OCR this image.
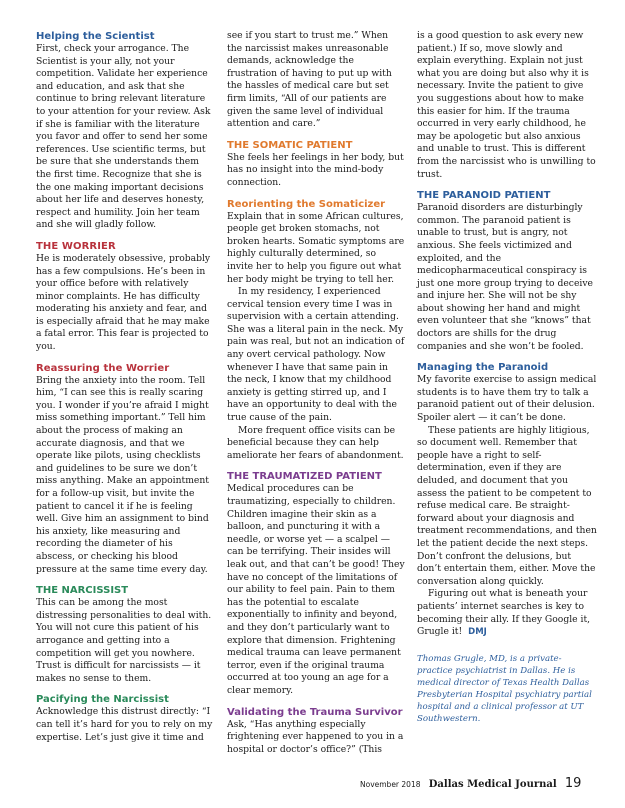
Helping the Scientist

First, check your arrogance. The Scientist is your ally, not your competition. Validate her experience and education, and ask that she continue to bring relevant literature to your attention for your review. Ask if she is familiar with the literature you favor and offer to send her some references. Use scientific terms, but be sure that she understands them the first time. Recognize that she is the one making important decisions about her life and deserves honesty, respect and humility. Join her team and she will gladly follow.

THE WORRIER

He is moderately obsessive, probably has a few compulsions. He’s been in your office before with relatively minor complaints. He has difficulty moderating his anxiety and fear, and is especially afraid that he may make a fatal error. This fear is projected to you.

Reassuring the Worrier

Bring the anxiety into the room. Tell him, “I can see this is really scaring you. I wonder if you’re afraid I might miss something important.” Tell him about the process of making an accurate diagnosis, and that we operate like pilots, using checklists and guidelines to be sure we don’t miss anything. Make an appointment for a follow-up visit, but invite the patient to cancel it if he is feeling well. Give him an assignment to bind his anxiety, like measuring and recording the diameter of his abscess, or checking his blood pressure at the same time every day.

THE NARCISSIST

This can be among the most distressing personalities to deal with. You will not cure this patient of his arrogance and getting into a competition will get you nowhere. Trust is difficult for narcissists — it makes no sense to them.

Pacifying the Narcissist

Acknowledge this distrust directly: “I can tell it’s hard for you to rely on my expertise. Let’s just give it time and

see if you start to trust me.” When the narcissist makes unreasonable demands, acknowledge the frustration of having to put up with the hassles of medical care but set firm limits, “All of our patients are given the same level of individual attention and care.”

THE SOMATIC PATIENT

She feels her feelings in her body, but has no insight into the mind-body connection.

Reorienting the Somaticizer

Explain that in some African cultures, people get broken stomachs, not broken hearts. Somatic symptoms are highly culturally determined, so invite her to help you figure out what her body might be trying to tell her.

In my residency, I experienced cervical tension every time I was in supervision with a certain attending. She was a literal pain in the neck. My pain was real, but not an indication of any overt cervical pathology. Now whenever I have that same pain in the neck, I know that my childhood anxiety is getting stirred up, and I have an opportunity to deal with the true cause of the pain.

More frequent office visits can be beneficial because they can help ameliorate her fears of abandonment.

THE TRAUMATIZED PATIENT

Medical procedures can be traumatizing, especially to children. Children imagine their skin as a balloon, and puncturing it with a needle, or worse yet — a scalpel — can be terrifying. Their insides will leak out, and that can’t be good! They have no concept of the limitations of our ability to feel pain. Pain to them has the potential to escalate exponentially to infinity and beyond, and they don’t particularly want to explore that dimension. Frightening medical trauma can leave permanent terror, even if the original trauma occurred at too young an age for a clear memory.

Validating the Trauma Survivor

Ask, “Has anything especially frightening ever happened to you in a hospital or doctor’s office?” (This

is a good question to ask every new patient.) If so, move slowly and explain everything. Explain not just what you are doing but also why it is necessary. Invite the patient to give you suggestions about how to make this easier for him. If the trauma occurred in very early childhood, he may be apologetic but also anxious and unable to trust. This is different from the narcissist who is unwilling to trust.

THE PARANOID PATIENT

Paranoid disorders are disturbingly common. The paranoid patient is unable to trust, but is angry, not anxious. She feels victimized and exploited, and the medicopharmaceutical conspiracy is just one more group trying to deceive and injure her. She will not be shy about showing her hand and might even volunteer that she “knows” that doctors are shills for the drug companies and she won’t be fooled.

Managing the Paranoid

My favorite exercise to assign medical students is to have them try to talk a paranoid patient out of their delusion. Spoiler alert — it can’t be done.

These patients are highly litigious, so document well. Remember that people have a right to self-determination, even if they are deluded, and document that you assess the patient to be competent to refuse medical care. Be straight-forward about your diagnosis and treatment recommendations, and then let the patient decide the next steps. Don’t confront the delusions, but don’t entertain them, either. Move the conversation along quickly.

Figuring out what is beneath your patients’ internet searches is key to becoming their ally. If they Google it, Grugle it! DMJ

Thomas Grugle, MD, is a private-practice psychiatrist in Dallas. He is medical director of Texas Health Dallas Presbyterian Hospital psychiatry partial hospital and a clinical professor at UT Southwestern.

November 2018 Dallas Medical Journal 19
